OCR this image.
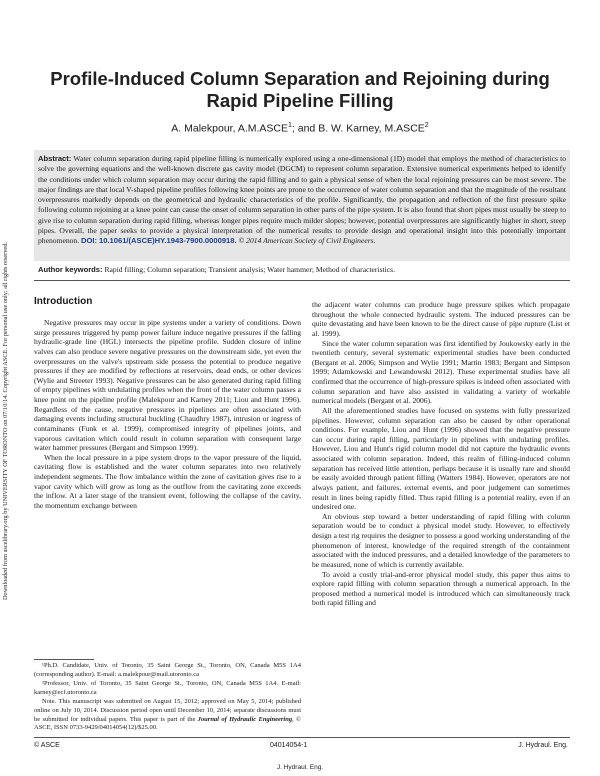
Downloaded from ascelibrary.org by UNIVERSITY OF TORONTO on 07/10/14. Copyright ASCE. For personal use only; all rights reserved.
Profile-Induced Column Separation and Rejoining during Rapid Pipeline Filling
A. Malekpour, A.M.ASCE$^1$; and B. W. Karney, M.ASCE$^2$
Abstract: Water column separation during rapid pipeline filling is numerically explored using a one-dimensional (1D) model that employs the method of characteristics to solve the governing equations and the well-known discrete gas cavity model (DGCM) to represent column separation. Extensive numerical experiments helped to identify the conditions under which column separation may occur during the rapid filling and to gain a physical sense of when the local rejoining pressures can be most severe. The major findings are that local V-shaped pipeline profiles following knee points are prone to the occurrence of water column separation and that the magnitude of the resultant overpressures markedly depends on the geometrical and hydraulic characteristics of the profile. Significantly, the propagation and reflection of the first pressure spike following column rejoining at a knee point can cause the onset of column separation in other parts of the pipe system. It is also found that short pipes must usually be steep to give rise to column separation during rapid filling, whereas longer pipes require much milder slopes; however, potential overpressures are significantly higher in short, steep pipes. Overall, the paper seeks to provide a physical interpretation of the numerical results to provide design and operational insight into this potentially important phenomenon. DOI: 10.1061/(ASCE)HY.1943-7900.0000918. © 2014 American Society of Civil Engineers.
Author keywords: Rapid filling; Column separation; Transient analysis; Water hammer; Method of characteristics.
Introduction

Negative pressures may occur in pipe systems under a variety of conditions. Down surge pressures triggered by pump power failure induce negative pressures if the falling hydraulic-grade line (HGL) intersects the pipeline profile. Sudden closure of inline valves can also produce severe negative pressures on the downstream side, yet even the overpressures on the valve's upstream side possess the potential to produce negative pressures if they are modified by reflections at reservoirs, dead ends, or other devices (Wylie and Streeter 1993). Negative pressures can be also generated during rapid filling of empty pipelines with undulating profiles when the front of the water column passes a knee point on the pipeline profile (Malekpour and Karney 2011; Liou and Hunt 1996). Regardless of the cause, negative pressures in pipelines are often associated with damaging events including structural buckling (Chaudhry 1987), intrusion or ingress of contaminants (Funk et al. 1999), compromised integrity of pipelines joints, and vaporous cavitation which could result in column separation with consequent large water hammer pressures (Bergant and Simpson 1999).

When the local pressure in a pipe system drops to the vapor pressure of the liquid, cavitating flow is established and the water column separates into two relatively independent segments. The flow imbalance within the zone of cavitation gives rise to a vapor cavity which will grow as long as the outflow from the cavitating zone exceeds the inflow. At a later stage of the transient event, following the collapse of the cavity, the momentum exchange between

the adjacent water columns can produce huge pressure spikes which propagate throughout the whole connected hydraulic system. The induced pressures can be quite devastating and have been known to be the direct cause of pipe rupture (List et al. 1999).

Since the water column separation was first identified by Joukowsky early in the twentieth century, several systematic experimental studies have been conducted (Bergant et al. 2006; Simpson and Wylie 1991; Martin 1983; Bergant and Simpson 1999; Adamkowski and Lewandowski 2012). These experimental studies have all confirmed that the occurrence of high-pressure spikes is indeed often associated with column separation and have also assisted in validating a variety of workable numerical models (Bergant et al. 2006).

All the aforementioned studies have focused on systems with fully pressurized pipelines. However, column separation can also be caused by other operational conditions. For example, Liou and Hunt (1996) showed that the negative pressure can occur during rapid filling, particularly in pipelines with undulating profiles. However, Liou and Hunt's rigid column model did not capture the hydraulic events associated with column separation. Indeed, this realm of filling-induced column separation has received little attention, perhaps because it is usually rare and should be easily avoided through patient filling (Watters 1984). However, operators are not always patient, and failures, external events, and poor judgement can sometimes result in lines being rapidly filled. Thus rapid filling is a potential reality, even if an undesired one.

An obvious step toward a better understanding of rapid filling with column separation would be to conduct a physical model study. However, to effectively design a test rig requires the designer to possess a good working understanding of the phenomenon of interest, knowledge of the required strength of the containment associated with the induced pressures, and a detailed knowledge of the parameters to be measured, none of which is currently available.

To avoid a costly trial-and-error physical model study, this paper thus aims to explore rapid filling with column separation through a numerical approach. In the proposed method a numerical model is introduced which can simultaneously track both rapid filling and

¹Ph.D. Candidate, Univ. of Toronto, 35 Saint George St., Toronto, ON, Canada M5S 1A4 (corresponding author). E-mail: a.malekpour@mail.utoronto.ca

²Professor, Univ. of Toronto, 35 Saint George St., Toronto, ON, Canada M5S 1A4. E-mail: karney@ecf.utoronto.ca

Note. This manuscript was submitted on August 15, 2012; approved on May 5, 2014; published online on July 10, 2014. Discussion period open until December 10, 2014; separate discussions must be submitted for individual papers. This paper is part of the Journal of Hydraulic Engineering, © ASCE, ISSN 0733-9429/04014054(12)/$25.00.

© ASCE	04014054-1	J. Hydraul. Eng.
J. Hydraul. Eng.
